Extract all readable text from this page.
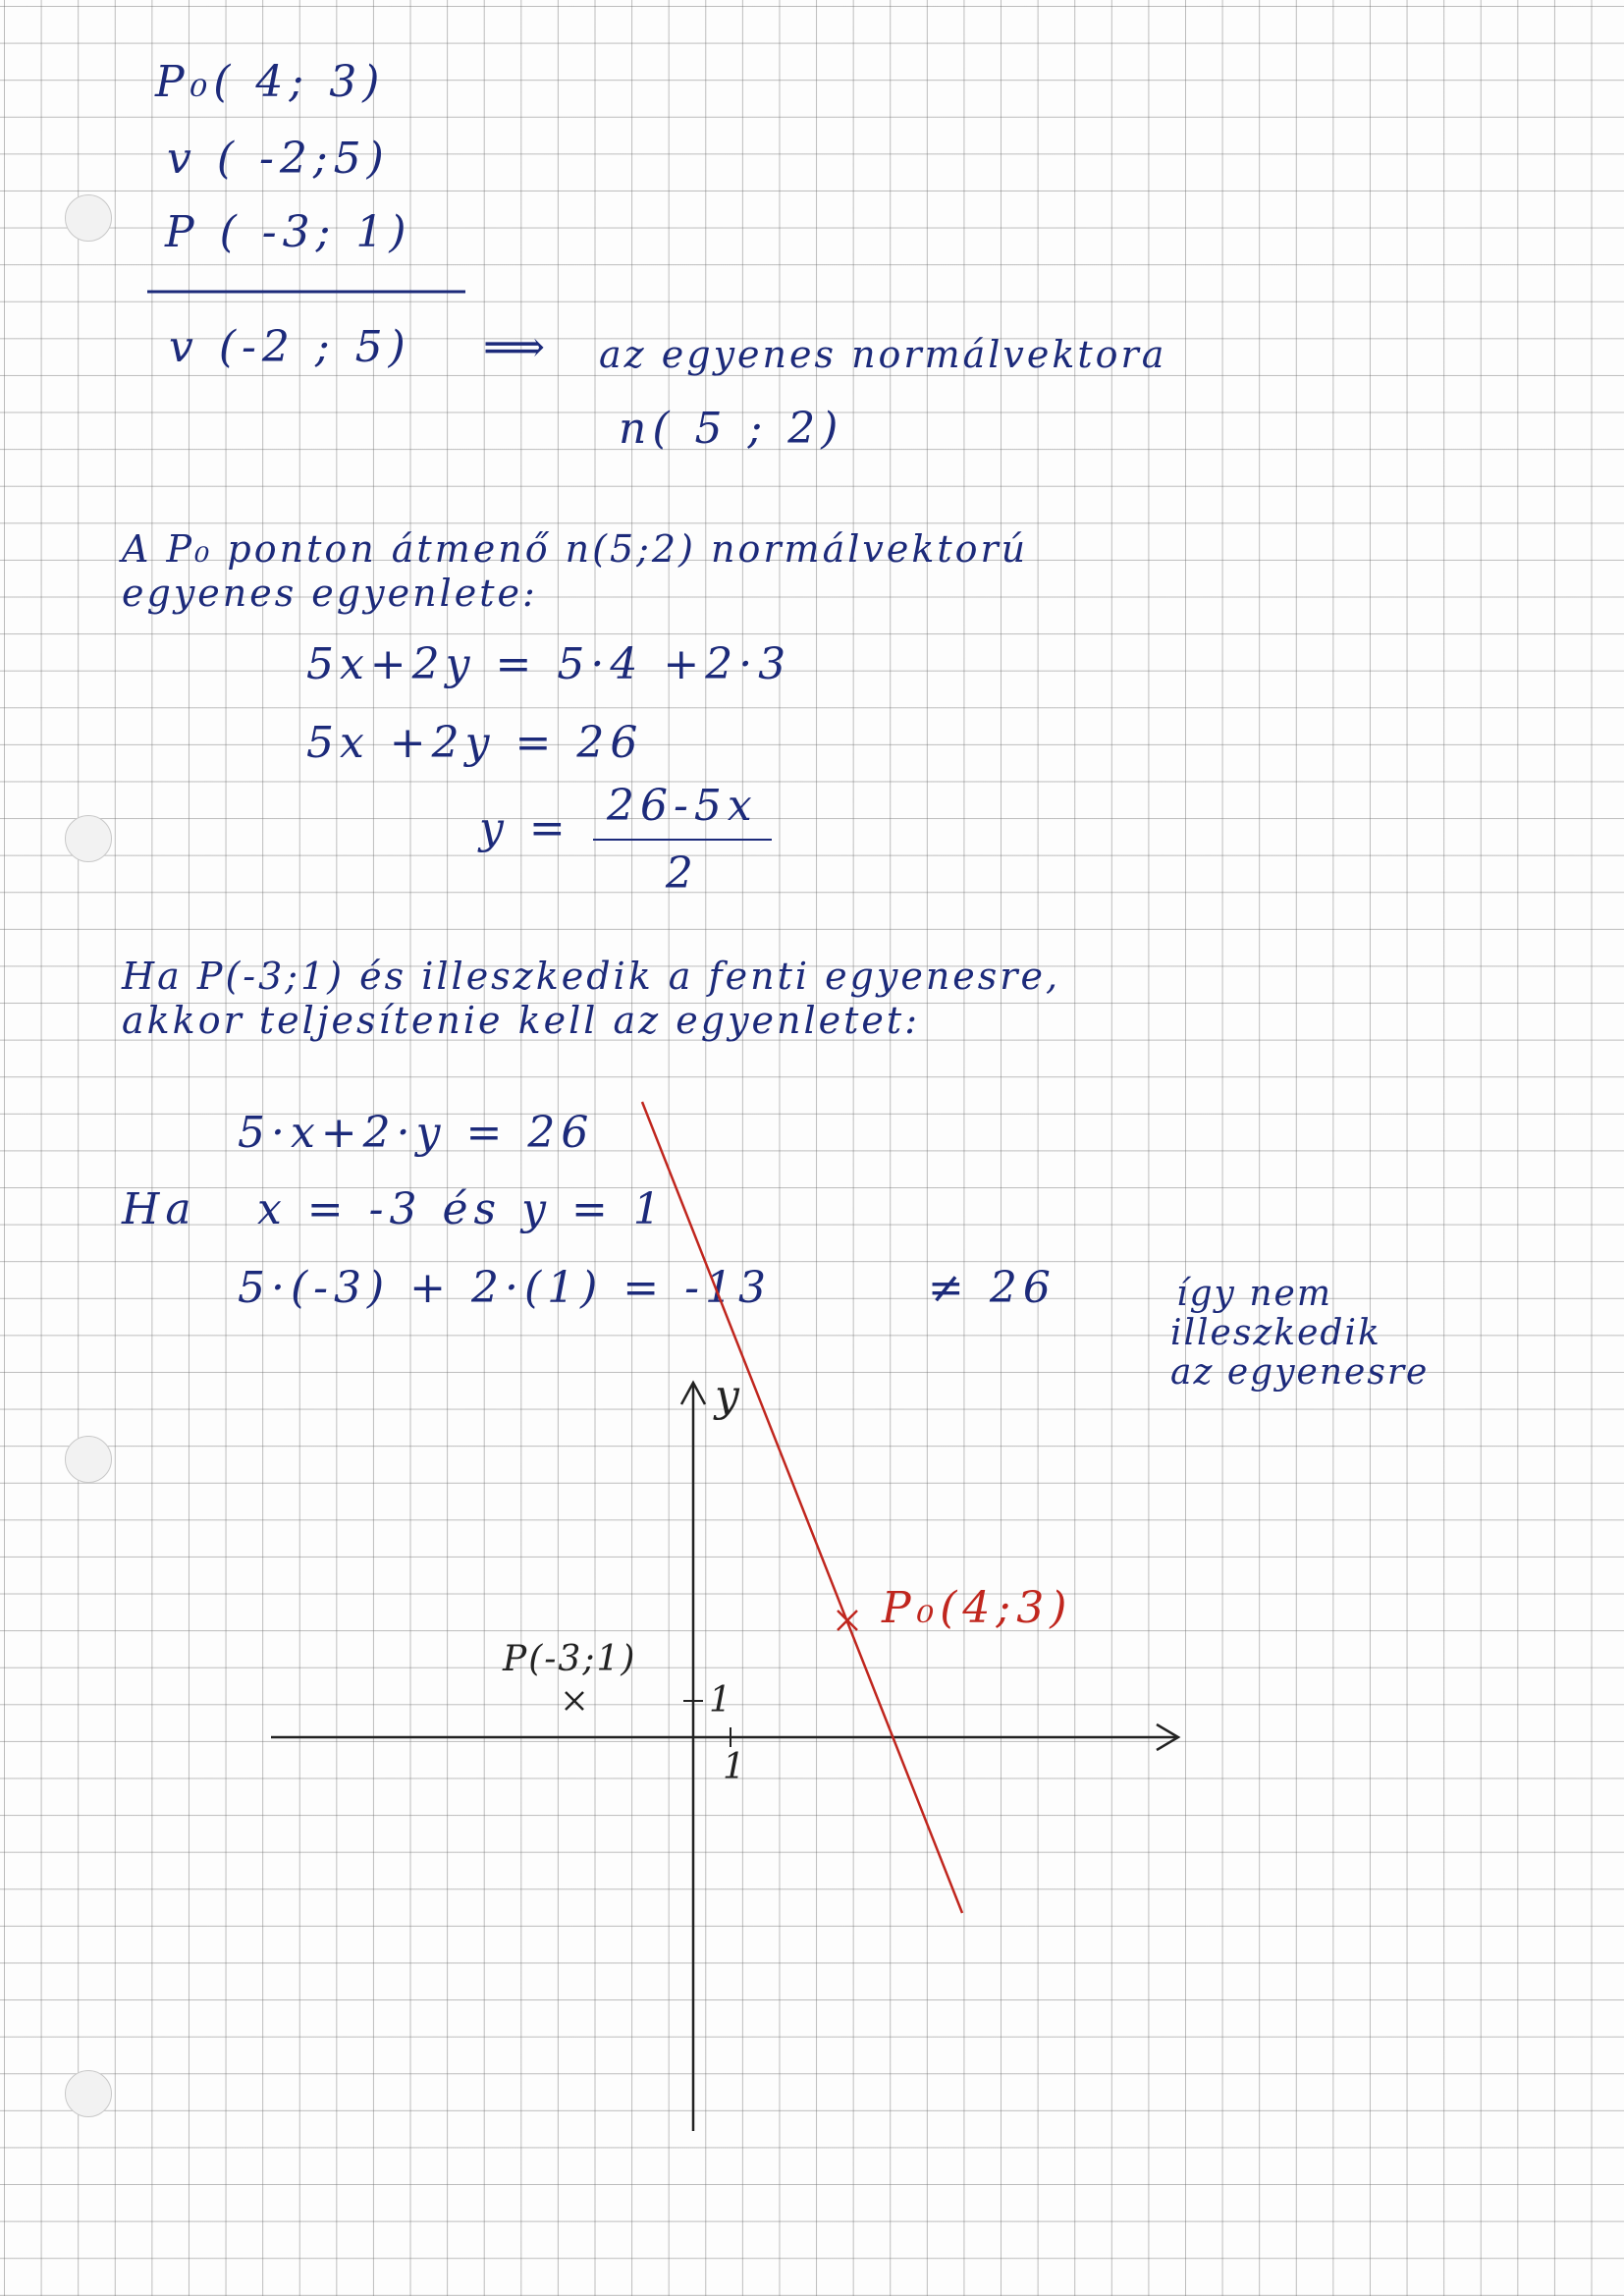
P₀( 4; 3)
v ( -2;5)
P ( -3; 1)
v (-2 ; 5) ⟹ az egyenes normálvektora
n( 5 ; 2)
A P₀ ponton átmenő n(5;2) normálvektorú
egyenes egyenlete:
5x+2y = 5·4 +2·3
5x +2y = 26
$y = \frac{26-5x}{2}$
Ha P(-3;1) és illeszkedik a fenti egyenesre,
akkor teljesítenie kell az egyenletet:
5·x+2·y = 26
Ha x = -3 és y = 1
5·(-3) + 2·(1) = -13	≠ 26	így nem
illeszkedik
az egyenesre
y
1
1
P₀(4;3)
P(-3;1)
